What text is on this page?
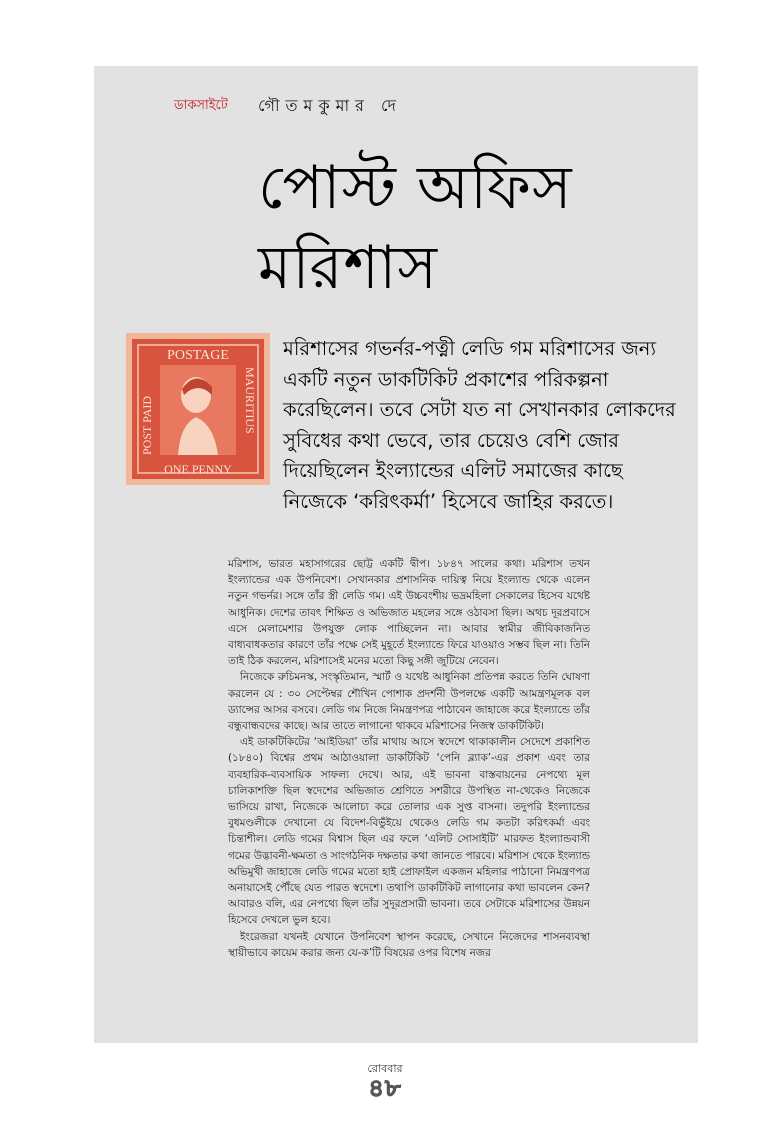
ডাকসাইটে গৌতমকুমার দে
পোস্ট অফিস
মরিশাস
POSTAGE
ONE PENNY
POST PAID	MAURITIUS

মরিশাসের গভর্নর-পত্নী লেডি গম মরিশাসের জন্য একটি নতুন ডাকটিকিট প্রকাশের পরিকল্পনা করেছিলেন। তবে সেটা যত না সেখানকার লোকদের সুবিধের কথা ভেবে, তার চেয়েও বেশি জোর দিয়েছিলেন ইংল্যান্ডের এলিট সমাজের কাছে নিজেকে ‘করিৎকর্মা’ হিসেবে জাহির করতে।

মরিশাস, ভারত মহাসাগরের ছোট্ট একটি দ্বীপ। ১৮৪৭ সালের কথা। মরিশাস তখন ইংল্যান্ডের এক উপনিবেশ। সেখানকার প্রশাসনিক দায়িত্ব নিয়ে ইংল্যান্ড থেকে এলেন নতুন গভর্নর। সঙ্গে তাঁর স্ত্রী লেডি গম। এই উচ্চবংশীয় ভদ্রমহিলা সেকালের হিসেব যথেষ্ট আধুনিক। দেশের তাবৎ শিক্ষিত ও অভিজাত মহলের সঙ্গে ওঠাবসা ছিল। অথচ দূরপ্রবাসে এসে মেলামেশার উপযুক্ত লোক পাচ্ছিলেন না। আবার স্বামীর জীবিকাজনিত বাধ্যবাধকতার কারণে তাঁর পক্ষে সেই মুহূর্তে ইংল্যান্ডে ফিরে যাওয়াও সম্ভব ছিল না। তিনি তাই ঠিক করলেন, মরিশাসেই মনের মতো কিছু সঙ্গী জুটিয়ে নেবেন।

নিজেকে রুচিমনস্ক, সংস্কৃতিমান, স্মার্ট ও যথেষ্ট আধুনিকা প্রতিপন্ন করতে তিনি ঘোষণা করলেন যে : ৩০ সেপ্টেম্বর শৌখিন পোশাক প্রদর্শনী উপলক্ষে একটি আমন্ত্রণমূলক বল ড্যান্সের আসর বসবে। লেডি গম নিজে নিমন্ত্রণপত্র পাঠাবেন জাহাজে করে ইংল্যান্ডে তাঁর বন্ধুবান্ধবদের কাছে। আর তাতে লাগানো থাকবে মরিশাসের নিজস্ব ডাকটিকিট।

এই ডাকটিকিটের ‘আইডিয়া’ তাঁর মাথায় আসে স্বদেশে থাকাকালীন সেদেশে প্রকাশিত (১৮৪০) বিশ্বের প্রথম আঠাওয়ালা ডাকটিকিট ‘পেনি ব্ল্যাক’-এর প্রকাশ এবং তার ব্যবহারিক-ব্যবসায়িক সাফল্য দেখে। আর, এই ভাবনা বাস্তবায়নের নেপথ্যে মূল চালিকাশক্তি ছিল স্বদেশের অভিজাত শ্রেণিতে সশরীরে উপস্থিত না-থেকেও নিজেকে ভাসিয়ে রাখা, নিজেকে আলোচ্য করে তোলার এক সুপ্ত বাসনা। তদুপরি ইংল্যান্ডের বুধমণ্ডলীকে দেখানো যে বিদেশ-বিভুঁইয়ে থেকেও লেডি গম কতটা করিৎকর্মা এবং চিন্তাশীল। লেডি গমের বিশ্বাস ছিল এর ফলে ‘এলিট সোসাইটি’ মারফত ইংল্যান্ডবাসী গমের উদ্ভাবনী-ক্ষমতা ও সাংগঠনিক দক্ষতার কথা জানতে পারবে। মরিশাস থেকে ইংল্যান্ড অভিমুখী জাহাজে লেডি গমের মতো হাই প্রোফাইল একজন মহিলার পাঠানো নিমন্ত্রণপত্র অনায়াসেই পৌঁছে যেত পারত স্বদেশে। তথাপি ডাকটিকিট লাগানোর কথা ভাবলেন কেন? আবারও বলি, এর নেপথ্যে ছিল তাঁর সুদূরপ্রসারী ভাবনা। তবে সেটাকে মরিশাসের উন্নয়ন হিসেবে দেখলে ভুল হবে।

ইংরেজরা যখনই যেখানে উপনিবেশ স্থাপন করেছে, সেখানে নিজেদের শাসনব্যবস্থা স্থায়ীভাবে কায়েম করার জন্য যে-ক’টি বিষয়ের ওপর বিশেষ নজর

রোববার
৪৮
